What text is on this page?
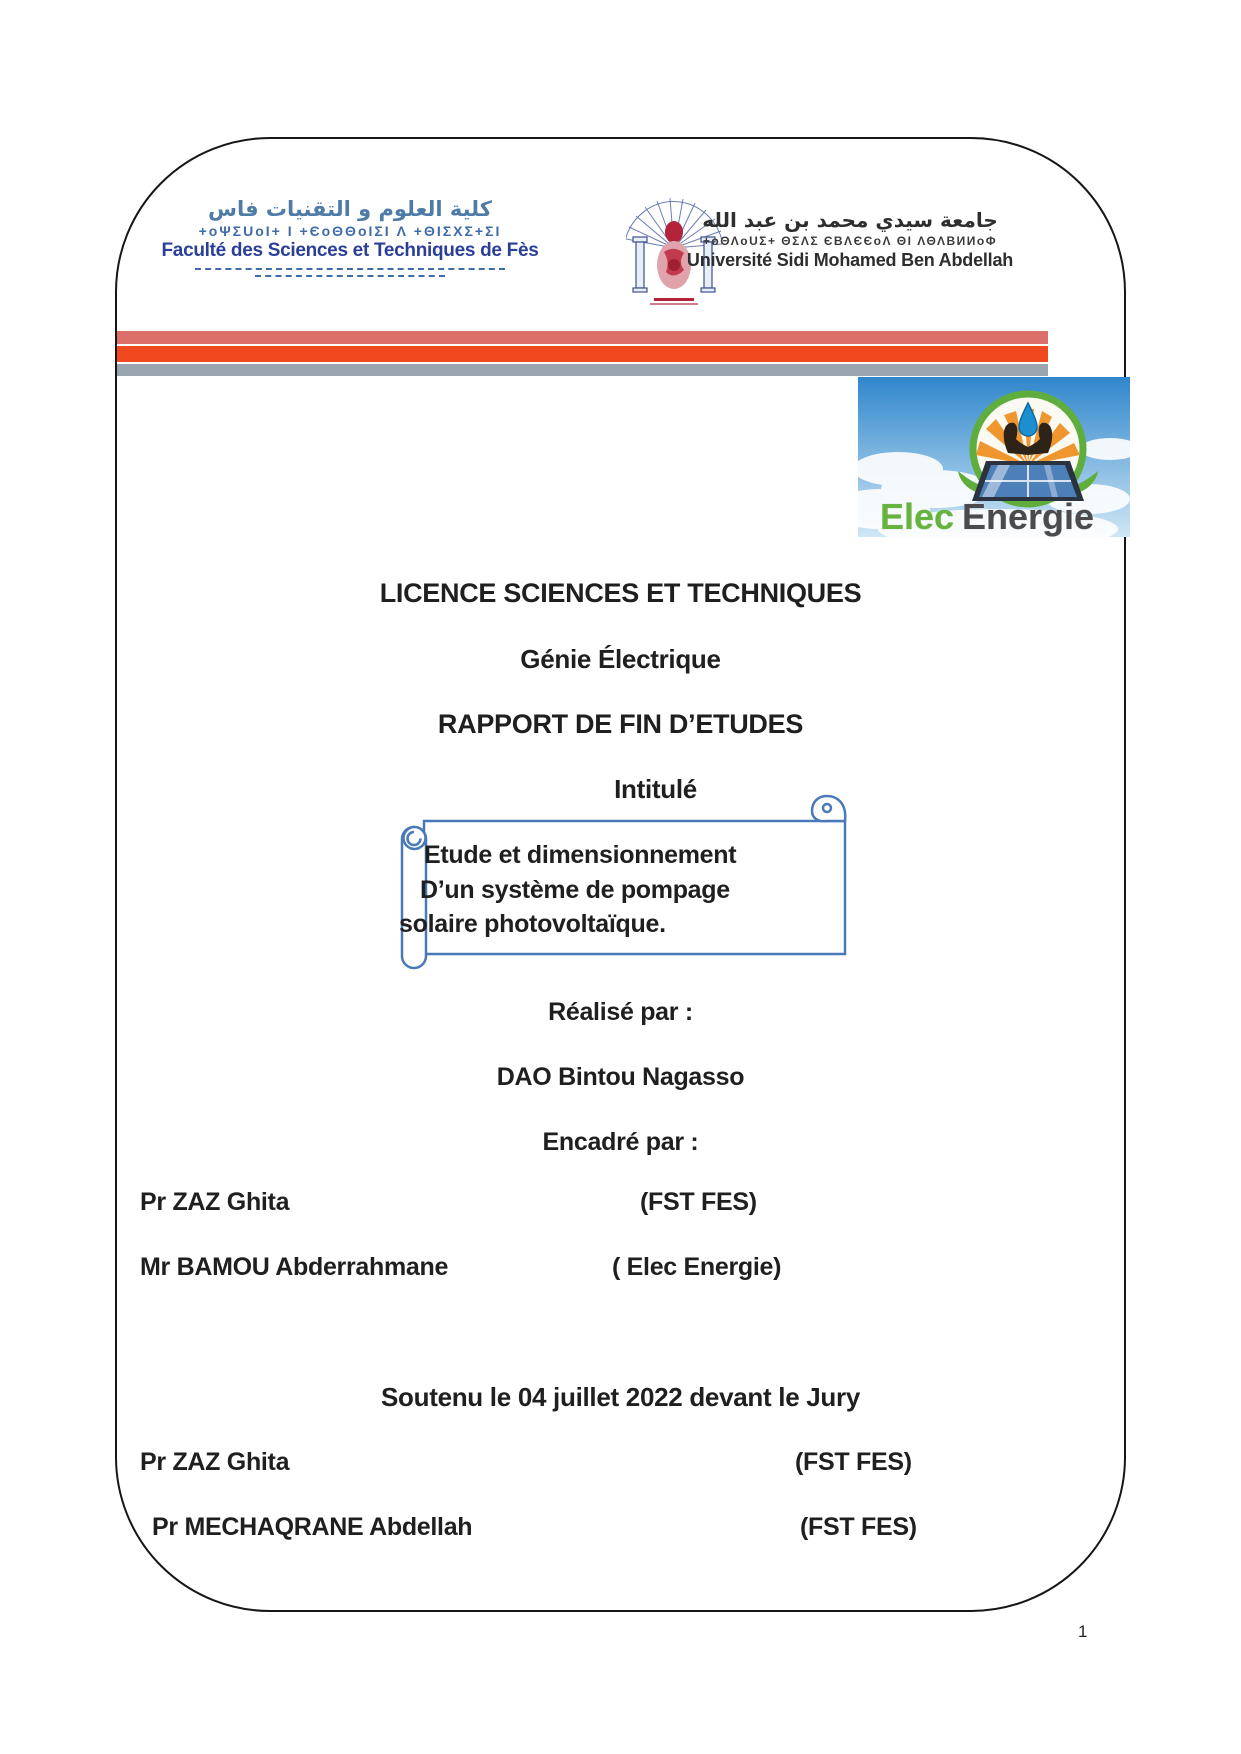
كلية العلوم و التقنيات فاس
+oΨΣUoI+ I +ЄoΘΘoIΣI Λ +ΘIΣXΣ+ΣI
Faculté des Sciences et Techniques de Fès
جامعة سيدي محمد بن عبد الله
+oΘΛoUΣ+ ΘΣΛΣ ЄBΛЄЄoΛ ΘI ΛΘΛBИИoΦ
Université Sidi Mohamed Ben Abdellah
Elec Energie
LICENCE SCIENCES ET TECHNIQUES
Génie Électrique
RAPPORT DE FIN D’ETUDES
Intitulé
Etude et dimensionnement
D’un système de pompage
solaire photovoltaïque.
Réalisé par :
DAO Bintou Nagasso
Encadré par :
Pr ZAZ Ghita	(FST FES)
Mr BAMOU Abderrahmane	( Elec Energie)
Soutenu le 04 juillet 2022 devant le Jury
Pr ZAZ Ghita	(FST FES)
Pr MECHAQRANE Abdellah	(FST FES)
1
